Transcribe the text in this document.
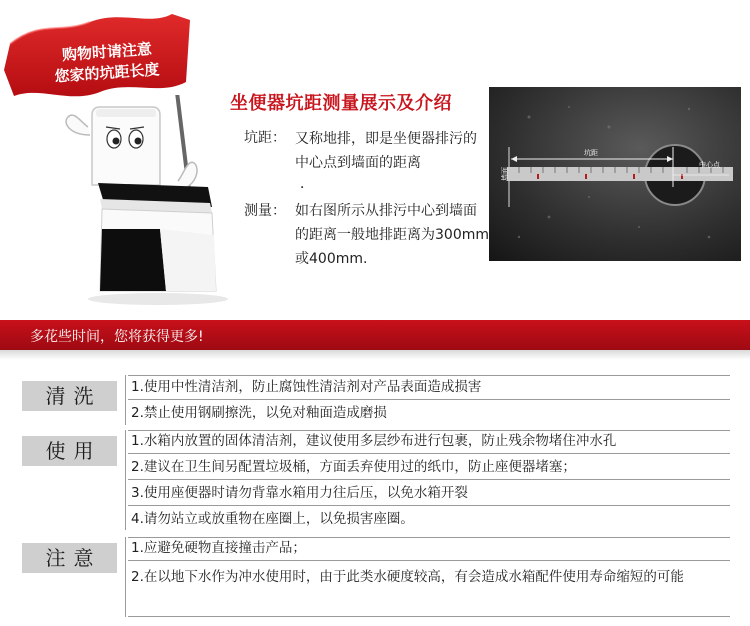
购物时请注意
您家的坑距长度
坐便器坑距测量展示及介绍
坑距： 又称地排，即是坐便器排污的中心点到墙面的距离
．
测量： 如右图所示从排污中心到墙面的距离一般地排距离为300mm或400mm.
坑距
中心点
墙面
多花些时间，您将获得更多!
清洗	1.使用中性清洁剂，防止腐蚀性清洁剂对产品表面造成损害
2.禁止使用钢刷擦洗，以免对釉面造成磨损
使用	1.水箱内放置的固体清洁剂，建议使用多层纱布进行包裹，防止残余物堵住冲水孔
2.建议在卫生间另配置垃圾桶，方面丢弃使用过的纸巾，防止座便器堵塞；
3.使用座便器时请勿背靠水箱用力往后压，以免水箱开裂
4.请勿站立或放重物在座圈上，以免损害座圈。
注意	1.应避免硬物直接撞击产品；
2.在以地下水作为冲水使用时，由于此类水硬度较高，有会造成水箱配件使用寿命缩短的可能
